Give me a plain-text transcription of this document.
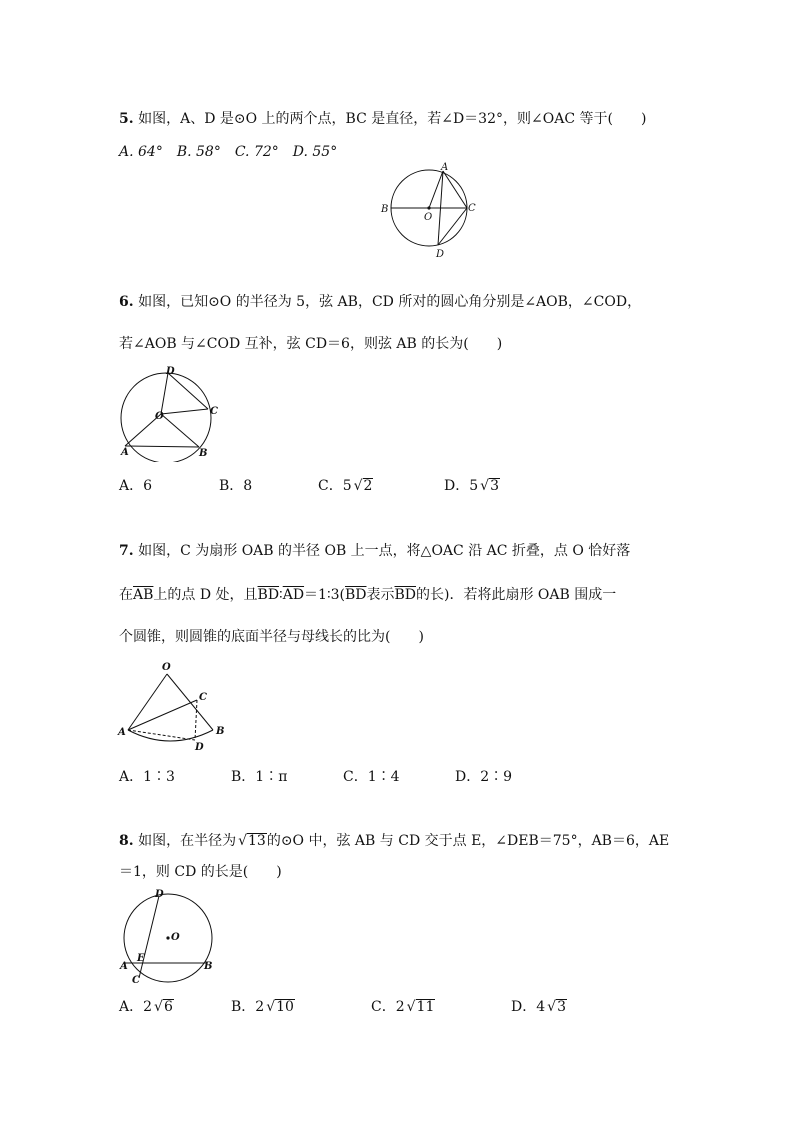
5. 如图，A、D 是⊙O 上的两个点，BC 是直径，若∠D＝32°，则∠OAC 等于(　　)
A. 64°　B. 58°　C. 72°　D. 55°
A
B
O
C
D
6. 如图，已知⊙O 的半径为 5，弦 AB，CD 所对的圆心角分别是∠AOB，∠COD，
若∠AOB 与∠COD 互补，弦 CD＝6，则弦 AB 的长为(　　)
D
O	C
A	B
A．6	B．8	C．5 √2	D．5 √3
7. 如图，C 为扇形 OAB 的半径 OB 上一点，将△OAC 沿 AC 折叠，点 O 恰好落
在$\overline{AB}$上的点 D 处，且$\overline{BD}∶\overline{AD}=1∶3(\overline{BD}$表示$\overline{BD}$的长)．若将此扇形 OAB 围成一
个圆锥，则圆锥的底面半径与母线长的比为(　　)
O
C
A	B
D
A．1∶3	B．1∶π	C．1∶4	D．2∶9
8. 如图，在半径为 √13的⊙O 中，弦 AB 与 CD 交于点 E，∠DEB＝75°，AB＝6，AE
＝1，则 CD 的长是(　　)
D
O
A
E
B
C
A．2 √6	B．2 √10	C．2 √11	D．4 √3
